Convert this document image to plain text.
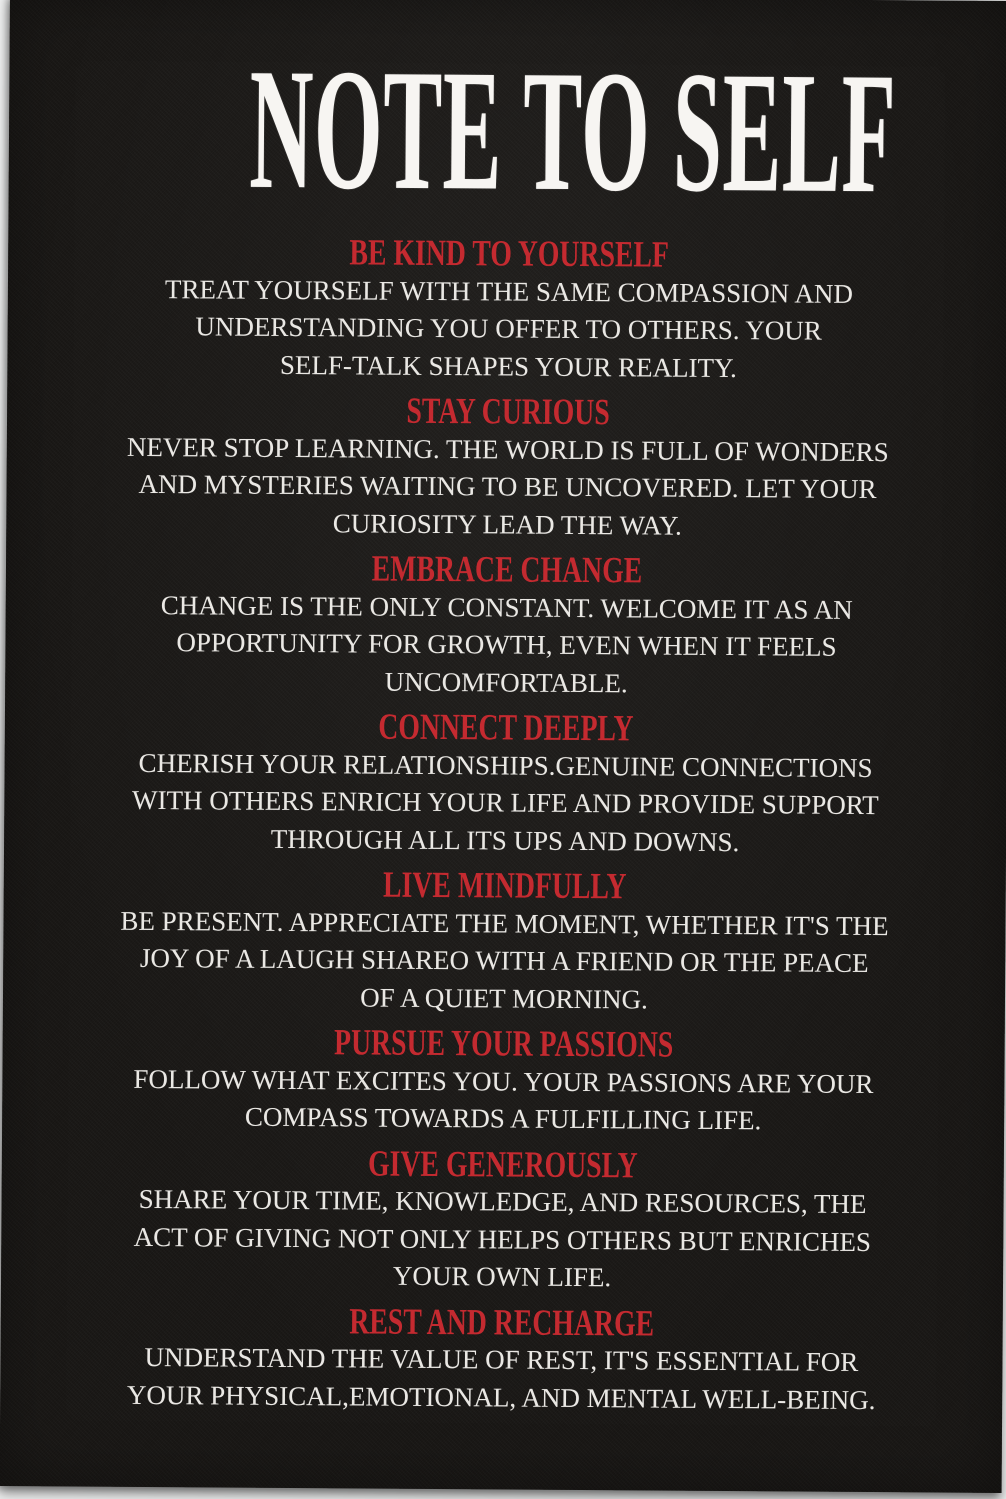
NOTE TO SELF
BE KIND TO YOURSELF
TREAT YOURSELF WITH THE SAME COMPASSION AND
UNDERSTANDING YOU OFFER TO OTHERS. YOUR
SELF-TALK SHAPES YOUR REALITY.
STAY CURIOUS
NEVER STOP LEARNING. THE WORLD IS FULL OF WONDERS
AND MYSTERIES WAITING TO BE UNCOVERED. LET YOUR
CURIOSITY LEAD THE WAY.
EMBRACE CHANGE
CHANGE IS THE ONLY CONSTANT. WELCOME IT AS AN
OPPORTUNITY FOR GROWTH, EVEN WHEN IT FEELS
UNCOMFORTABLE.
CONNECT DEEPLY
CHERISH YOUR RELATIONSHIPS.GENUINE CONNECTIONS
WITH OTHERS ENRICH YOUR LIFE AND PROVIDE SUPPORT
THROUGH ALL ITS UPS AND DOWNS.
LIVE MINDFULLY
BE PRESENT. APPRECIATE THE MOMENT, WHETHER IT'S THE
JOY OF A LAUGH SHAREO WITH A FRIEND OR THE PEACE
OF A QUIET MORNING.
PURSUE YOUR PASSIONS
FOLLOW WHAT EXCITES YOU. YOUR PASSIONS ARE YOUR
COMPASS TOWARDS A FULFILLING LIFE.
GIVE GENEROUSLY
SHARE YOUR TIME, KNOWLEDGE, AND RESOURCES, THE
ACT OF GIVING NOT ONLY HELPS OTHERS BUT ENRICHES
YOUR OWN LIFE.
REST AND RECHARGE
UNDERSTAND THE VALUE OF REST, IT'S ESSENTIAL FOR
YOUR PHYSICAL,EMOTIONAL, AND MENTAL WELL-BEING.
